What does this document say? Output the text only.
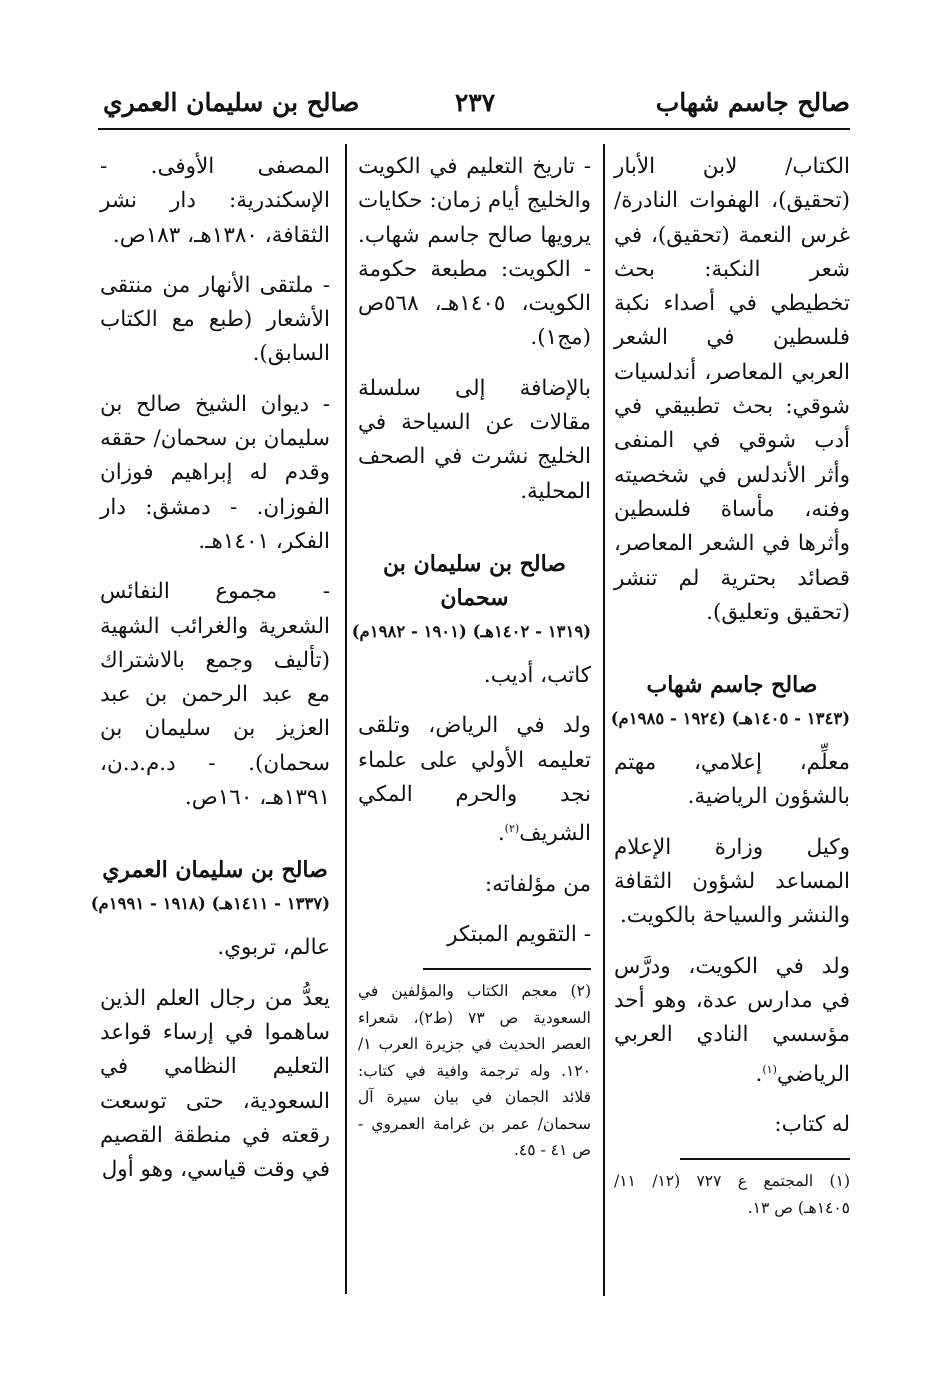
صالح جاسم شهاب
٢٣٧
صالح بن سليمان العمري

الكتاب/ لابن الأبار (تحقيق)، الهفوات النادرة/ غرس النعمة (تحقيق)، في شعر النكبة: بحث تخطيطي في أصداء نكبة فلسطين في الشعر العربي المعاصر، أندلسيات شوقي: بحث تطبيقي في أدب شوقي في المنفى وأثر الأندلس في شخصيته وفنه، مأساة فلسطين وأثرها في الشعر المعاصر، قصائد بحترية لم تنشر (تحقيق وتعليق).

صالح جاسم شهاب
(١٣٤٣ - ١٤٠٥هـ) (١٩٢٤ - ١٩٨٥م)

معلِّم، إعلامي، مهتم بالشؤون الرياضية.

وكيل وزارة الإعلام المساعد لشؤون الثقافة والنشر والسياحة بالكويت.

ولد في الكويت، ودرَّس في مدارس عدة، وهو أحد مؤسسي النادي العربي الرياضي$^{(١)}$.

له كتاب:

(١) المجتمع ع ٧٢٧ (١٢/ ١١/ ١٤٠٥هـ) ص ١٣.

- تاريخ التعليم في الكويت والخليج أيام زمان: حكايات يرويها صالح جاسم شهاب. - الكويت: مطبعة حكومة الكويت، ١٤٠٥هـ، ٥٦٨ص (مج١).

بالإضافة إلى سلسلة مقالات عن السياحة في الخليج نشرت في الصحف المحلية.

صالح بن سليمان بن سحمان
(١٣١٩ - ١٤٠٢هـ) (١٩٠١ - ١٩٨٢م)

كاتب، أديب.

ولد في الرياض، وتلقى تعليمه الأولي على علماء نجد والحرم المكي الشريف$^{(٢)}$.

من مؤلفاته:

- التقويم المبتكر

(٢) معجم الكتاب والمؤلفين في السعودية ص ٧٣ (ط٢)، شعراء العصر الحديث في جزيرة العرب ١/ ١٢٠. وله ترجمة وافية في كتاب: قلائد الجمان في بيان سيرة آل سحمان/ عمر بن غرامة العمروي - ص ٤١ - ٤٥.

المصفى الأوفى. - الإسكندرية: دار نشر الثقافة، ١٣٨٠هـ، ١٨٣ص.

- ملتقى الأنهار من منتقى الأشعار (طبع مع الكتاب السابق).

- ديوان الشيخ صالح بن سليمان بن سحمان/ حققه وقدم له إبراهيم فوزان الفوزان. - دمشق: دار الفكر، ١٤٠١هـ.

- مجموع النفائس الشعرية والغرائب الشهية (تأليف وجمع بالاشتراك مع عبد الرحمن بن عبد العزيز بن سليمان بن سحمان). - د.م.د.ن، ١٣٩١هـ، ١٦٠ص.

صالح بن سليمان العمري
(١٣٣٧ - ١٤١١هـ) (١٩١٨ - ١٩٩١م)

عالم، تربوي.

يعدُّ من رجال العلم الذين ساهموا في إرساء قواعد التعليم النظامي في السعودية، حتى توسعت رقعته في منطقة القصيم في وقت قياسي، وهو أول
